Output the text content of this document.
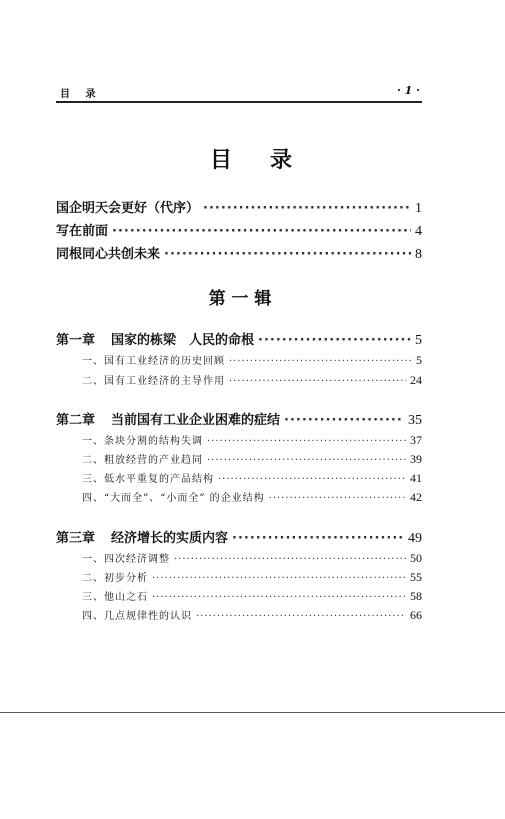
目 录	· 1 ·
目录
国企明天会更好（代序） ·····	1
写在前面 ·····	4
同根同心共创未来 ·····	8
第 一 辑
第一章 国家的栋梁　人民的命根 ·····	5
一、国有工业经济的历史回顾 ·····	5
二、国有工业经济的主导作用 ·····	24
第二章 当前国有工业企业困难的症结 ·····	35
一、条块分割的结构失调 ·····	37
二、粗放经营的产业趋同 ·····	39
三、低水平重复的产品结构 ·····	41
四、“大而全”、“小而全” 的企业结构 ·····	42
第三章 经济增长的实质内容 ·····	49
一、四次经济调整 ·····	50
二、初步分析 ·····	55
三、他山之石 ·····	58
四、几点规律性的认识 ·····	66
